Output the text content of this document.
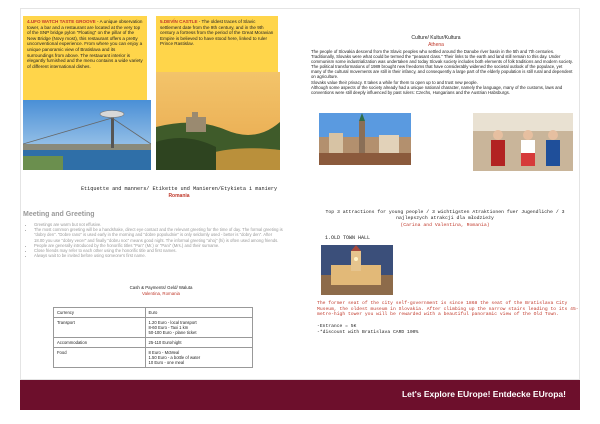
4.UFO WATCH TASTE GROOVE - A unique observation tower, a bar and a restaurant are located at the very top of the SNP bridge pylon "Floating" on the pillar of the New Bridge (Novy most), this restaurant offers a pretty unconventional experience. From where you can enjoy a unique panoramic view of Bratislava and its surroundings from above. The restaurant interior is elegantly furnished and the menu contains a wide variety of different international dishes.
5.DEVÍN CASTLE - The oldest traces of Slavic settlement date from the 9th century, and in the 9th century a fortress from the period of the Great Moravian Empire is believed to have stood here, linked to ruler Prince Rastislav.
Etiquette and manners/ Etikette und Manieren/Etykieta i maniery
Romania
Meeting and Greeting
• Greetings are warm but not effusive.
• The most common greeting will be a handshake, direct eye contact and the relevant greeting for the time of day. The formal greeting is "dobry den". "Dobre rano" is used early in the morning and "dobre popoludnie" is only seldomly used - better is "dobry den". After 18.00 you use "dobry vecer" and finally "dobru noc" means good night. The informal greeting "ahoj" (hi) is often used among friends.
• People are generally introduced by the honorific titles "Pan" (Mr.) or "Pani" (Mrs.) and their surname.
• Close friends may refer to each other using the honorific title and first names.
• Always wait to be invited before using someone's first name.
Cash & Payments/ Geld/ Waluta
Valentina, Romania
Currency	Euro
Transport	1.20 Euro - local transport
8-60 Euro - Taxi 1 km
50-100 Euro - plane ticket
Accommodation	25-110 Euro/night
Food	8 Euro - McMeal
1.50 Euro - a bottle of water
10 Euro - one meal
Culture/ Kultur/Kultura
Athena

The people of Slovakia descend from the Slavic peoples who settled around the Danube river basin in the 5th and 7th centuries. Traditionally, Slovaks were what could be termed the "peasant class." Their links to the earth and land still remain to this day. Under communism some industrialization was undertaken and today Slovak society includes both elements of folk traditions and modern society.

The political transformations of 1989 brought new freedoms that have considerably widened the societal outlook of the populace, yet many of the cultural movements are still in their infancy, and consequently a large part of the elderly population is still rural and dependent on agriculture.

Slovaks value their privacy. It takes a while for them to open up to and trust new people.

Although some aspects of the society already had a unique national character, namely the language, many of the customs, laws and conventions were still deeply influenced by past rulers: Czechs, Hungarians and the Austrian Habsburgs.

Top 3 attractions for young people / 3 wichtigsten Atraktionen fuer Jugendliche / 3 najlepszych atrakcji dla młodzieży
(Carina and Valentina, Romania)
1.OLD TOWN HALL
The former seat of the city self-government is since 1868 the seat of the Bratislava City Museum, the oldest museum in Slovakia. After climbing up the narrow stairs leading to its 45-metre-high tower you will be rewarded with a beautiful panoramic view of the Old Town.
-Entrance = 5€
-*discount with Bratislava CARD 100%
Let's Explore EUrope! Entdecke EUropa!
